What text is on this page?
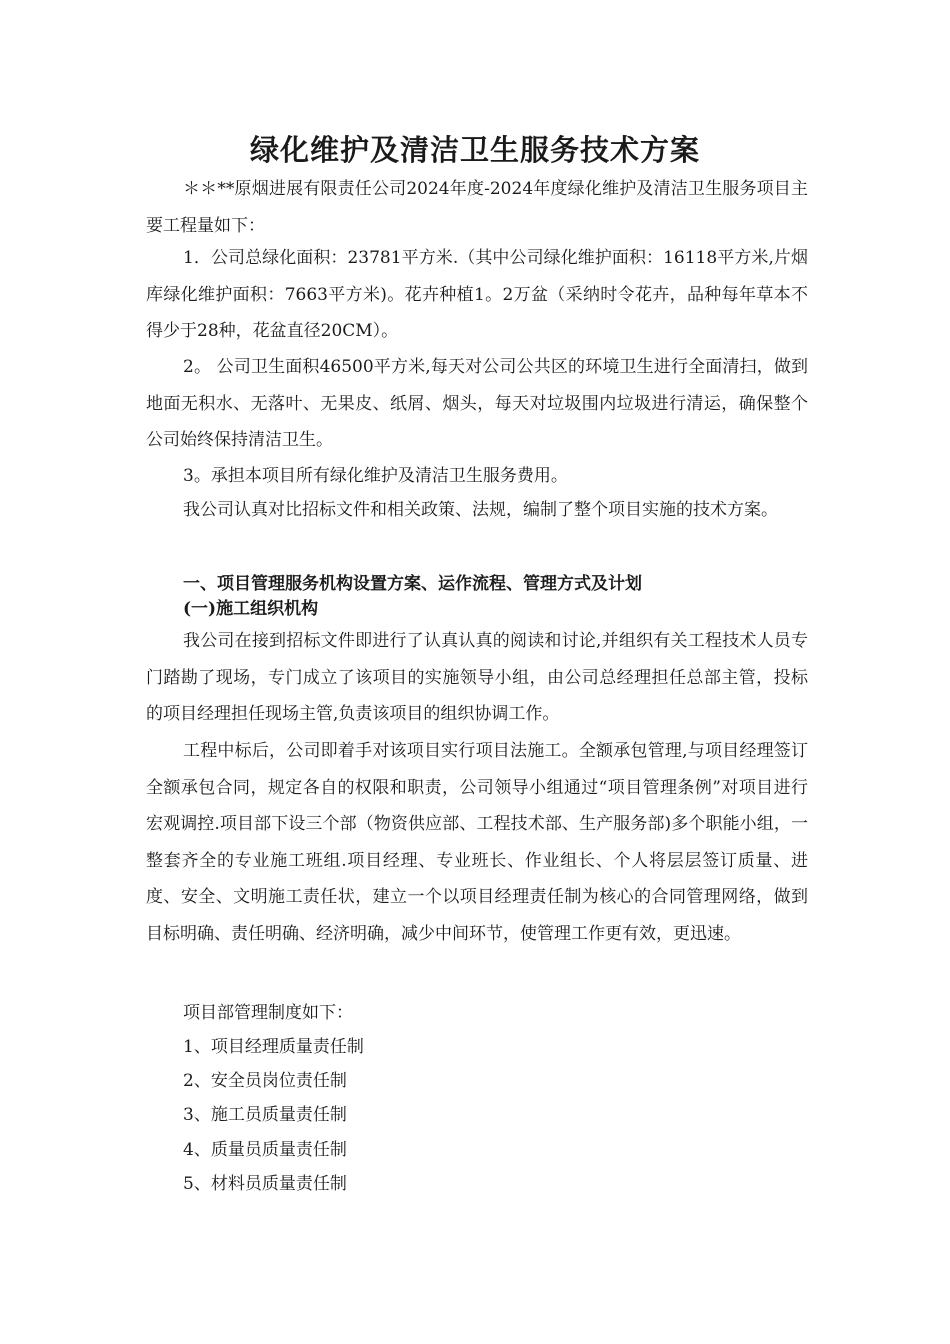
绿化维护及清洁卫生服务技术方案

＊＊**原烟进展有限责任公司2024年度-2024年度绿化维护及清洁卫生服务项目主要工程量如下：

1．公司总绿化面积：23781平方米.（其中公司绿化维护面积：16118平方米,片烟库绿化维护面积：7663平方米)。花卉种植1。2万盆（采纳时令花卉，品种每年草本不得少于28种，花盆直径20CM）。

2。 公司卫生面积46500平方米,每天对公司公共区的环境卫生进行全面清扫，做到地面无积水、无落叶、无果皮、纸屑、烟头，每天对垃圾围内垃圾进行清运，确保整个公司始终保持清洁卫生。

3。承担本项目所有绿化维护及清洁卫生服务费用。

我公司认真对比招标文件和相关政策、法规，编制了整个项目实施的技术方案。

一、项目管理服务机构设置方案、运作流程、管理方式及计划
(一)施工组织机构

我公司在接到招标文件即进行了认真认真的阅读和讨论,并组织有关工程技术人员专门踏勘了现场，专门成立了该项目的实施领导小组，由公司总经理担任总部主管，投标的项目经理担任现场主管,负责该项目的组织协调工作。

工程中标后，公司即着手对该项目实行项目法施工。全额承包管理,与项目经理签订全额承包合同，规定各自的权限和职责，公司领导小组通过“项目管理条例”对项目进行宏观调控.项目部下设三个部（物资供应部、工程技术部、生产服务部)多个职能小组，一整套齐全的专业施工班组.项目经理、专业班长、作业组长、个人将层层签订质量、进度、安全、文明施工责任状，建立一个以项目经理责任制为核心的合同管理网络，做到目标明确、责任明确、经济明确，减少中间环节，使管理工作更有效，更迅速。

项目部管理制度如下：

1、项目经理质量责任制

2、安全员岗位责任制

3、施工员质量责任制

4、质量员质量责任制

5、材料员质量责任制
